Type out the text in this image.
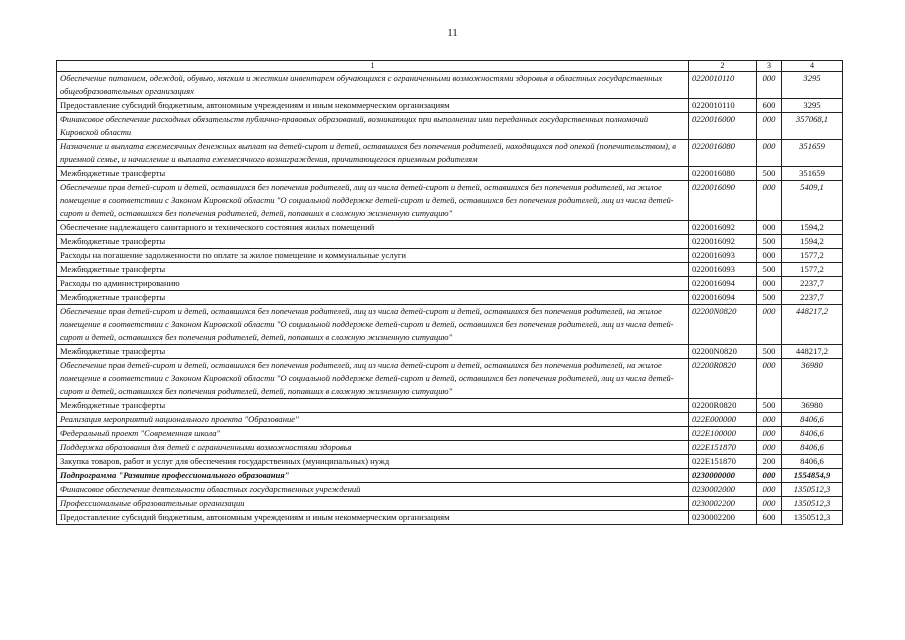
11
1	2	3	4
Обеспечение питанием, одеждой, обувью, мягким и жестким инвентарем обучающихся с ограниченными возможностями здоровья в областных государственных общеобразовательных организациях	0220010110	000	3295
Предоставление субсидий бюджетным, автономным учреждениям и иным некоммерческим организациям	0220010110	600	3295
Финансовое обеспечение расходных обязательств публично-правовых образований, возникающих при выполнении ими переданных государственных полномочий Кировской области	0220016000	000	357068,1
Назначение и выплата ежемесячных денежных выплат на детей-сирот и детей, оставшихся без попечения родителей, находящихся под опекой (попечительством), в приемной семье, и начисление и выплата ежемесячного вознаграждения, причитающегося приемным родителям	0220016080	000	351659
Межбюджетные трансферты	0220016080	500	351659
Обеспечение прав детей-сирот и детей, оставшихся без попечения родителей, лиц из числа детей-сирот и детей, оставшихся без попечения родителей, на жилое помещение в соответствии с Законом Кировской области "О социальной поддержке детей-сирот и детей, оставшихся без попечения родителей, лиц из числа детей-сирот и детей, оставшихся без попечения родителей, детей, попавших в сложную жизненную ситуацию"	0220016090	000	5409,1
Обеспечение надлежащего санитарного и технического состояния жилых помещений	0220016092	000	1594,2
Межбюджетные трансферты	0220016092	500	1594,2
Расходы на погашение задолженности по оплате за жилое помещение и коммунальные услуги	0220016093	000	1577,2
Межбюджетные трансферты	0220016093	500	1577,2
Расходы по администрированию	0220016094	000	2237,7
Межбюджетные трансферты	0220016094	500	2237,7
Обеспечение прав детей-сирот и детей, оставшихся без попечения родителей, лиц из числа детей-сирот и детей, оставшихся без попечения родителей, на жилое помещение в соответствии с Законом Кировской области "О социальной поддержке детей-сирот и детей, оставшихся без попечения родителей, лиц из числа детей-сирот и детей, оставшихся без попечения родителей, детей, попавших в сложную жизненную ситуацию"	02200N0820	000	448217,2
Межбюджетные трансферты	02200N0820	500	448217,2
Обеспечение прав детей-сирот и детей, оставшихся без попечения родителей, лиц из числа детей-сирот и детей, оставшихся без попечения родителей, на жилое помещение в соответствии с Законом Кировской области "О социальной поддержке детей-сирот и детей, оставшихся без попечения родителей, лиц из числа детей-сирот и детей, оставшихся без попечения родителей, детей, попавших в сложную жизненную ситуацию"	02200R0820	000	36980
Межбюджетные трансферты	02200R0820	500	36980
Реализация мероприятий национального проекта "Образование"	022E000000	000	8406,6
Федеральный проект "Современная школа"	022E100000	000	8406,6
Поддержка образования для детей с ограниченными возможностями здоровья	022E151870	000	8406,6
Закупка товаров, работ и услуг для обеспечения государственных (муниципальных) нужд	022E151870	200	8406,6
Подпрограмма "Развитие профессионального образования"	0230000000	000	1554854,9
Финансовое обеспечение деятельности областных государственных учреждений	0230002000	000	1350512,3
Профессиональные образовательные организации	0230002200	000	1350512,3
Предоставление субсидий бюджетным, автономным учреждениям и иным некоммерческим организациям	0230002200	600	1350512,3
